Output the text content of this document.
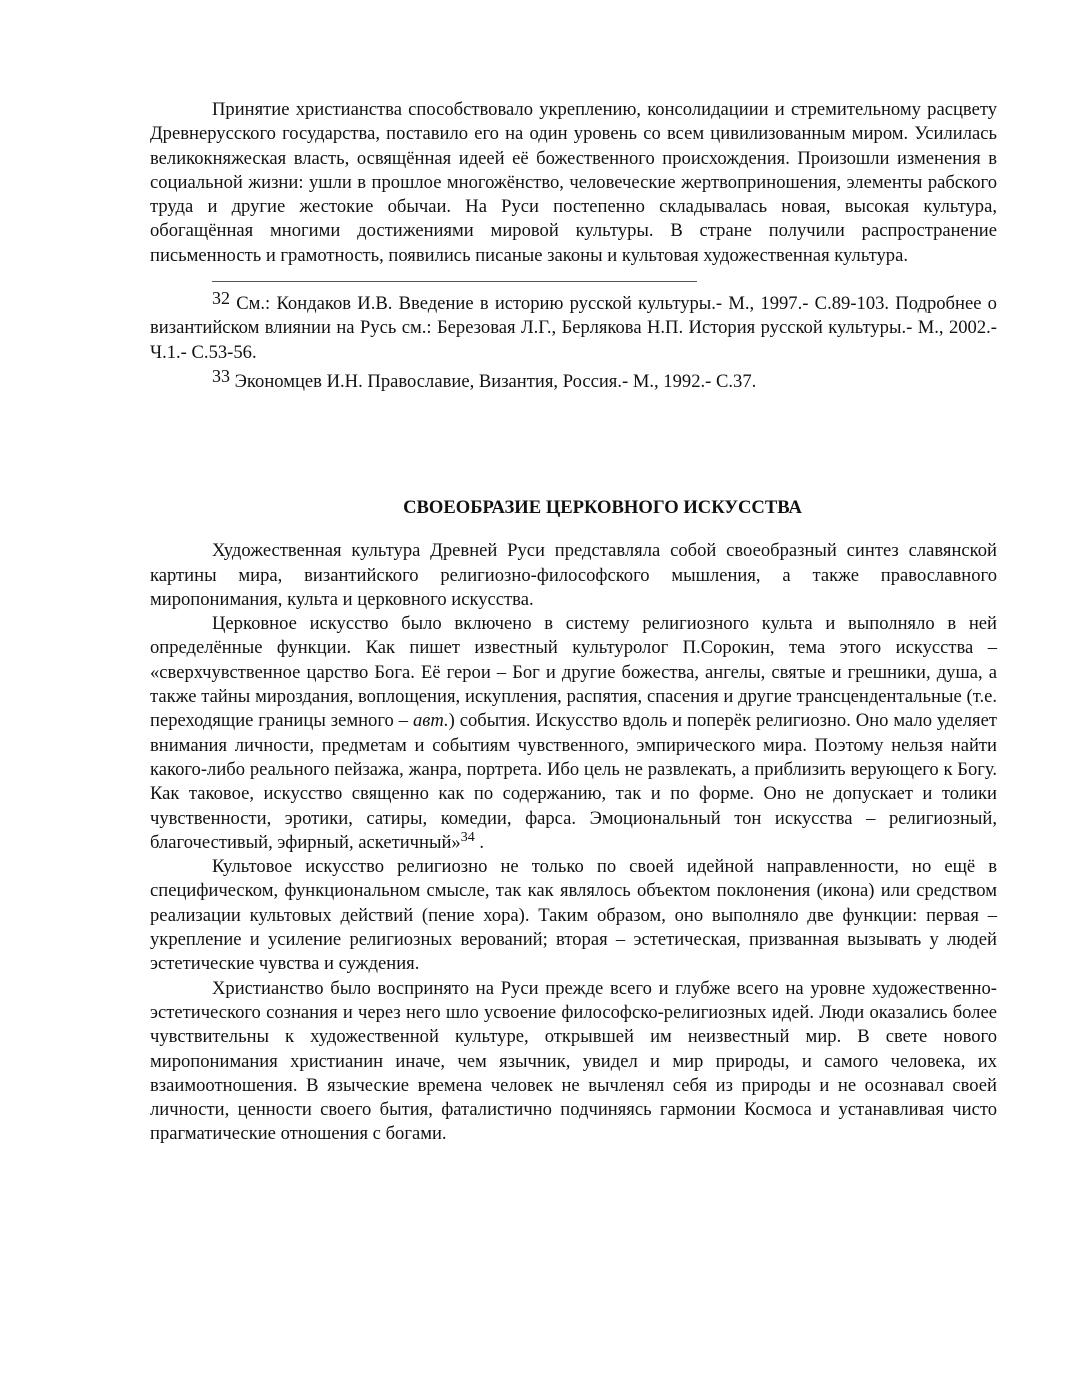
Принятие христианства способствовало укреплению, консолидациии и стремительному расцвету Древнерусского государства, поставило его на один уровень со всем цивилизованным миром. Усилилась великокняжеская власть, освящённая идеей её божественного происхождения. Произошли изменения в социальной жизни: ушли в прошлое многожёнство, человеческие жертвоприношения, элементы рабского труда и другие жестокие обычаи. На Руси постепенно складывалась новая, высокая культура, обогащённая многими достижениями мировой культуры. В стране получили распространение письменность и грамотность, появились писаные законы и культовая художественная культура.

$^{32}$ См.: Кондаков И.В. Введение в историю русской культуры.- М., 1997.- С.89-103. Подробнее о византийском влиянии на Русь см.: Березовая Л.Г., Берлякова Н.П. История русской культуры.- М., 2002.- Ч.1.- С.53-56.

$^{33}$ Экономцев И.Н. Православие, Византия, Россия.- М., 1992.- С.37.

СВОЕОБРАЗИЕ ЦЕРКОВНОГО ИСКУССТВА

Художественная культура Древней Руси представляла собой своеобразный синтез славянской картины мира, византийского религиозно-философского мышления, а также православного миропонимания, культа и церковного искусства.

Церковное искусство было включено в систему религиозного культа и выполняло в ней определённые функции. Как пишет известный культуролог П.Сорокин, тема этого искусства – «сверхчувственное царство Бога. Её герои – Бог и другие божества, ангелы, святые и грешники, душа, а также тайны мироздания, воплощения, искупления, распятия, спасения и другие трансцендентальные (т.е. переходящие границы земного – авт.) события. Искусство вдоль и поперёк религиозно. Оно мало уделяет внимания личности, предметам и событиям чувственного, эмпирического мира. Поэтому нельзя найти какого-либо реального пейзажа, жанра, портрета. Ибо цель не развлекать, а приблизить верующего к Богу. Как таковое, искусство священно как по содержанию, так и по форме. Оно не допускает и толики чувственности, эротики, сатиры, комедии, фарса. Эмоциональный тон искусства – религиозный, благочестивый, эфирный, аскетичный»$^{34}$ .

Культовое искусство религиозно не только по своей идейной направленности, но ещё в специфическом, функциональном смысле, так как являлось объектом поклонения (икона) или средством реализации культовых действий (пение хора). Таким образом, оно выполняло две функции: первая – укрепление и усиление религиозных верований; вторая – эстетическая, призванная вызывать у людей эстетические чувства и суждения.

Христианство было воспринято на Руси прежде всего и глубже всего на уровне художественно-эстетического сознания и через него шло усвоение философско-религиозных идей. Люди оказались более чувствительны к художественной культуре, открывшей им неизвестный мир. В свете нового миропонимания христианин иначе, чем язычник, увидел и мир природы, и самого человека, их взаимоотношения. В языческие времена человек не вычленял себя из природы и не осознавал своей личности, ценности своего бытия, фаталистично подчиняясь гармонии Космоса и устанавливая чисто прагматические отношения с богами.
